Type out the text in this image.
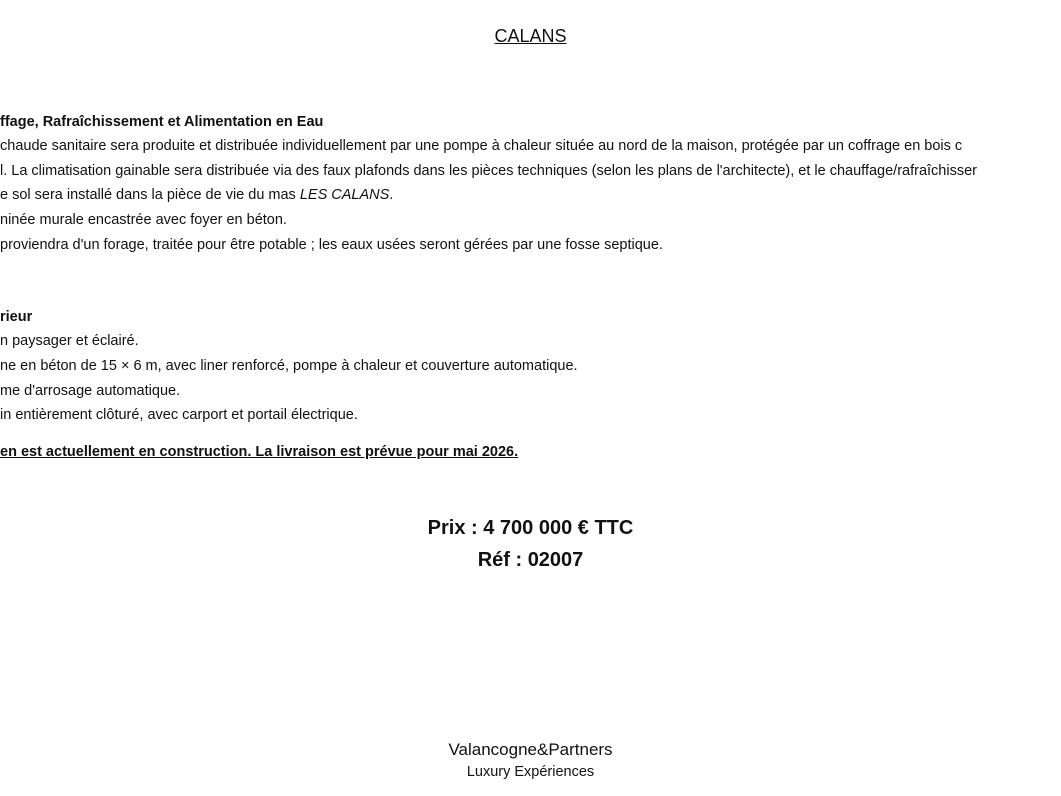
CALANS
ffage, Rafraîchissement et Alimentation en Eau
chaude sanitaire sera produite et distribuée individuellement par une pompe à chaleur située au nord de la maison, protégée par un coffrage en bois c
l. La climatisation gainable sera distribuée via des faux plafonds dans les pièces techniques (selon les plans de l'architecte), et le chauffage/rafraîchisser
e sol sera installé dans la pièce de vie du mas LES CALANS.
ninée murale encastrée avec foyer en béton.
proviendra d'un forage, traitée pour être potable ; les eaux usées seront gérées par une fosse septique.
rieur
n paysager et éclairé.
ne en béton de 15 × 6 m, avec liner renforcé, pompe à chaleur et couverture automatique.
me d'arrosage automatique.
in entièrement clôturé, avec carport et portail électrique.
en est actuellement en construction. La livraison est prévue pour mai 2026.
Prix : 4 700 000 € TTC
Réf : 02007
Valancogne&Partners
Luxury Expériences
